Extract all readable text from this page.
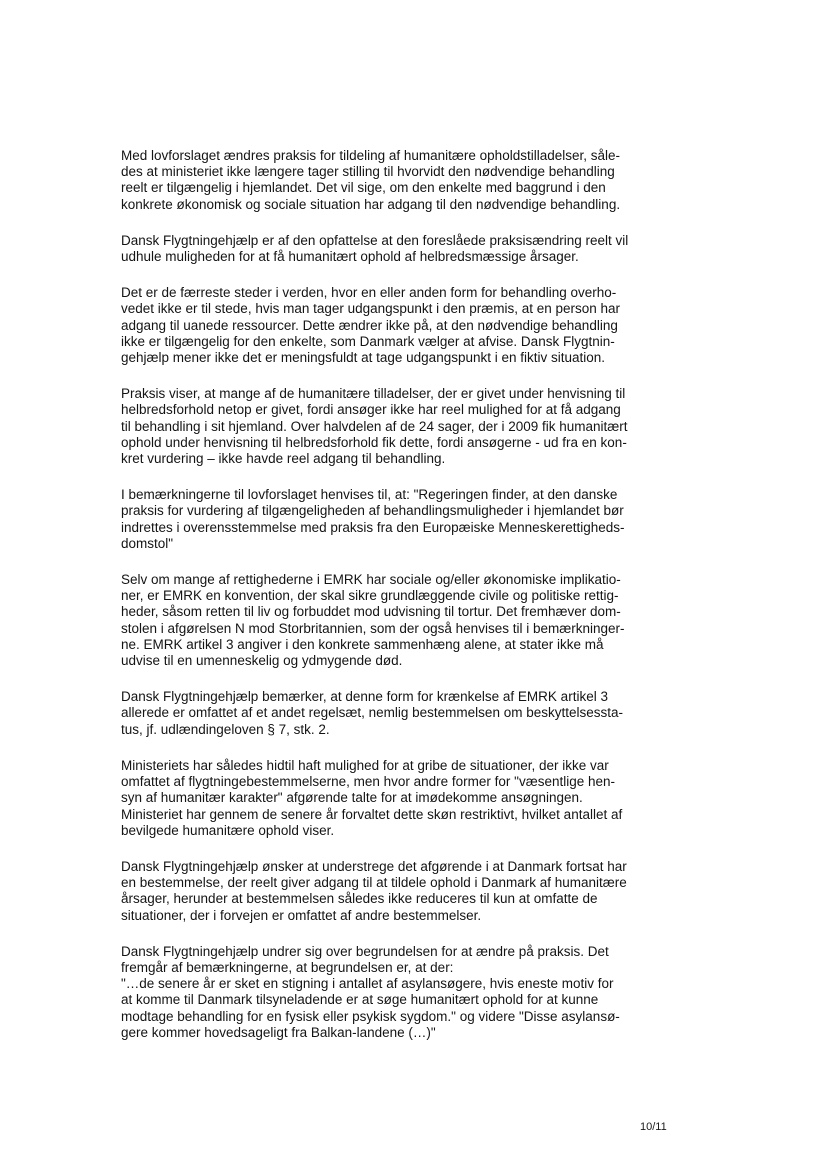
Med lovforslaget ændres praksis for tildeling af humanitære opholdstilladelser, såle-
des at ministeriet ikke længere tager stilling til hvorvidt den nødvendige behandling
reelt er tilgængelig i hjemlandet. Det vil sige, om den enkelte med baggrund i den
konkrete økonomisk og sociale situation har adgang til den nødvendige behandling.

Dansk Flygtningehjælp er af den opfattelse at den foreslåede praksisændring reelt vil
udhule muligheden for at få humanitært ophold af helbredsmæssige årsager.

Det er de færreste steder i verden, hvor en eller anden form for behandling overho-
vedet ikke er til stede, hvis man tager udgangspunkt i den præmis, at en person har
adgang til uanede ressourcer. Dette ændrer ikke på, at den nødvendige behandling
ikke er tilgængelig for den enkelte, som Danmark vælger at afvise. Dansk Flygtnin-
gehjælp mener ikke det er meningsfuldt at tage udgangspunkt i en fiktiv situation.

Praksis viser, at mange af de humanitære tilladelser, der er givet under henvisning til
helbredsforhold netop er givet, fordi ansøger ikke har reel mulighed for at få adgang
til behandling i sit hjemland. Over halvdelen af de 24 sager, der i 2009 fik humanitært
ophold under henvisning til helbredsforhold fik dette, fordi ansøgerne - ud fra en kon-
kret vurdering – ikke havde reel adgang til behandling.

I bemærkningerne til lovforslaget henvises til, at: "Regeringen finder, at den danske
praksis for vurdering af tilgængeligheden af behandlingsmuligheder i hjemlandet bør
indrettes i overensstemmelse med praksis fra den Europæiske Menneskerettigheds-
domstol"

Selv om mange af rettighederne i EMRK har sociale og/eller økonomiske implikatio-
ner, er EMRK en konvention, der skal sikre grundlæggende civile og politiske rettig-
heder, såsom retten til liv og forbuddet mod udvisning til tortur. Det fremhæver dom-
stolen i afgørelsen N mod Storbritannien, som der også henvises til i bemærkninger-
ne. EMRK artikel 3 angiver i den konkrete sammenhæng alene, at stater ikke må
udvise til en umenneskelig og ydmygende død.

Dansk Flygtningehjælp bemærker, at denne form for krænkelse af EMRK artikel 3
allerede er omfattet af et andet regelsæt, nemlig bestemmelsen om beskyttelsessta-
tus, jf. udlændingeloven § 7, stk. 2.

Ministeriets har således hidtil haft mulighed for at gribe de situationer, der ikke var
omfattet af flygtningebestemmelserne, men hvor andre former for "væsentlige hen-
syn af humanitær karakter" afgørende talte for at imødekomme ansøgningen.
Ministeriet har gennem de senere år forvaltet dette skøn restriktivt, hvilket antallet af
bevilgede humanitære ophold viser.

Dansk Flygtningehjælp ønsker at understrege det afgørende i at Danmark fortsat har
en bestemmelse, der reelt giver adgang til at tildele ophold i Danmark af humanitære
årsager, herunder at bestemmelsen således ikke reduceres til kun at omfatte de
situationer, der i forvejen er omfattet af andre bestemmelser.

Dansk Flygtningehjælp undrer sig over begrundelsen for at ændre på praksis. Det
fremgår af bemærkningerne, at begrundelsen er, at der:
"…de senere år er sket en stigning i antallet af asylansøgere, hvis eneste motiv for
at komme til Danmark tilsyneladende er at søge humanitært ophold for at kunne
modtage behandling for en fysisk eller psykisk sygdom." og videre "Disse asylansø-
gere kommer hovedsageligt fra Balkan-landene (…)"

10/11
